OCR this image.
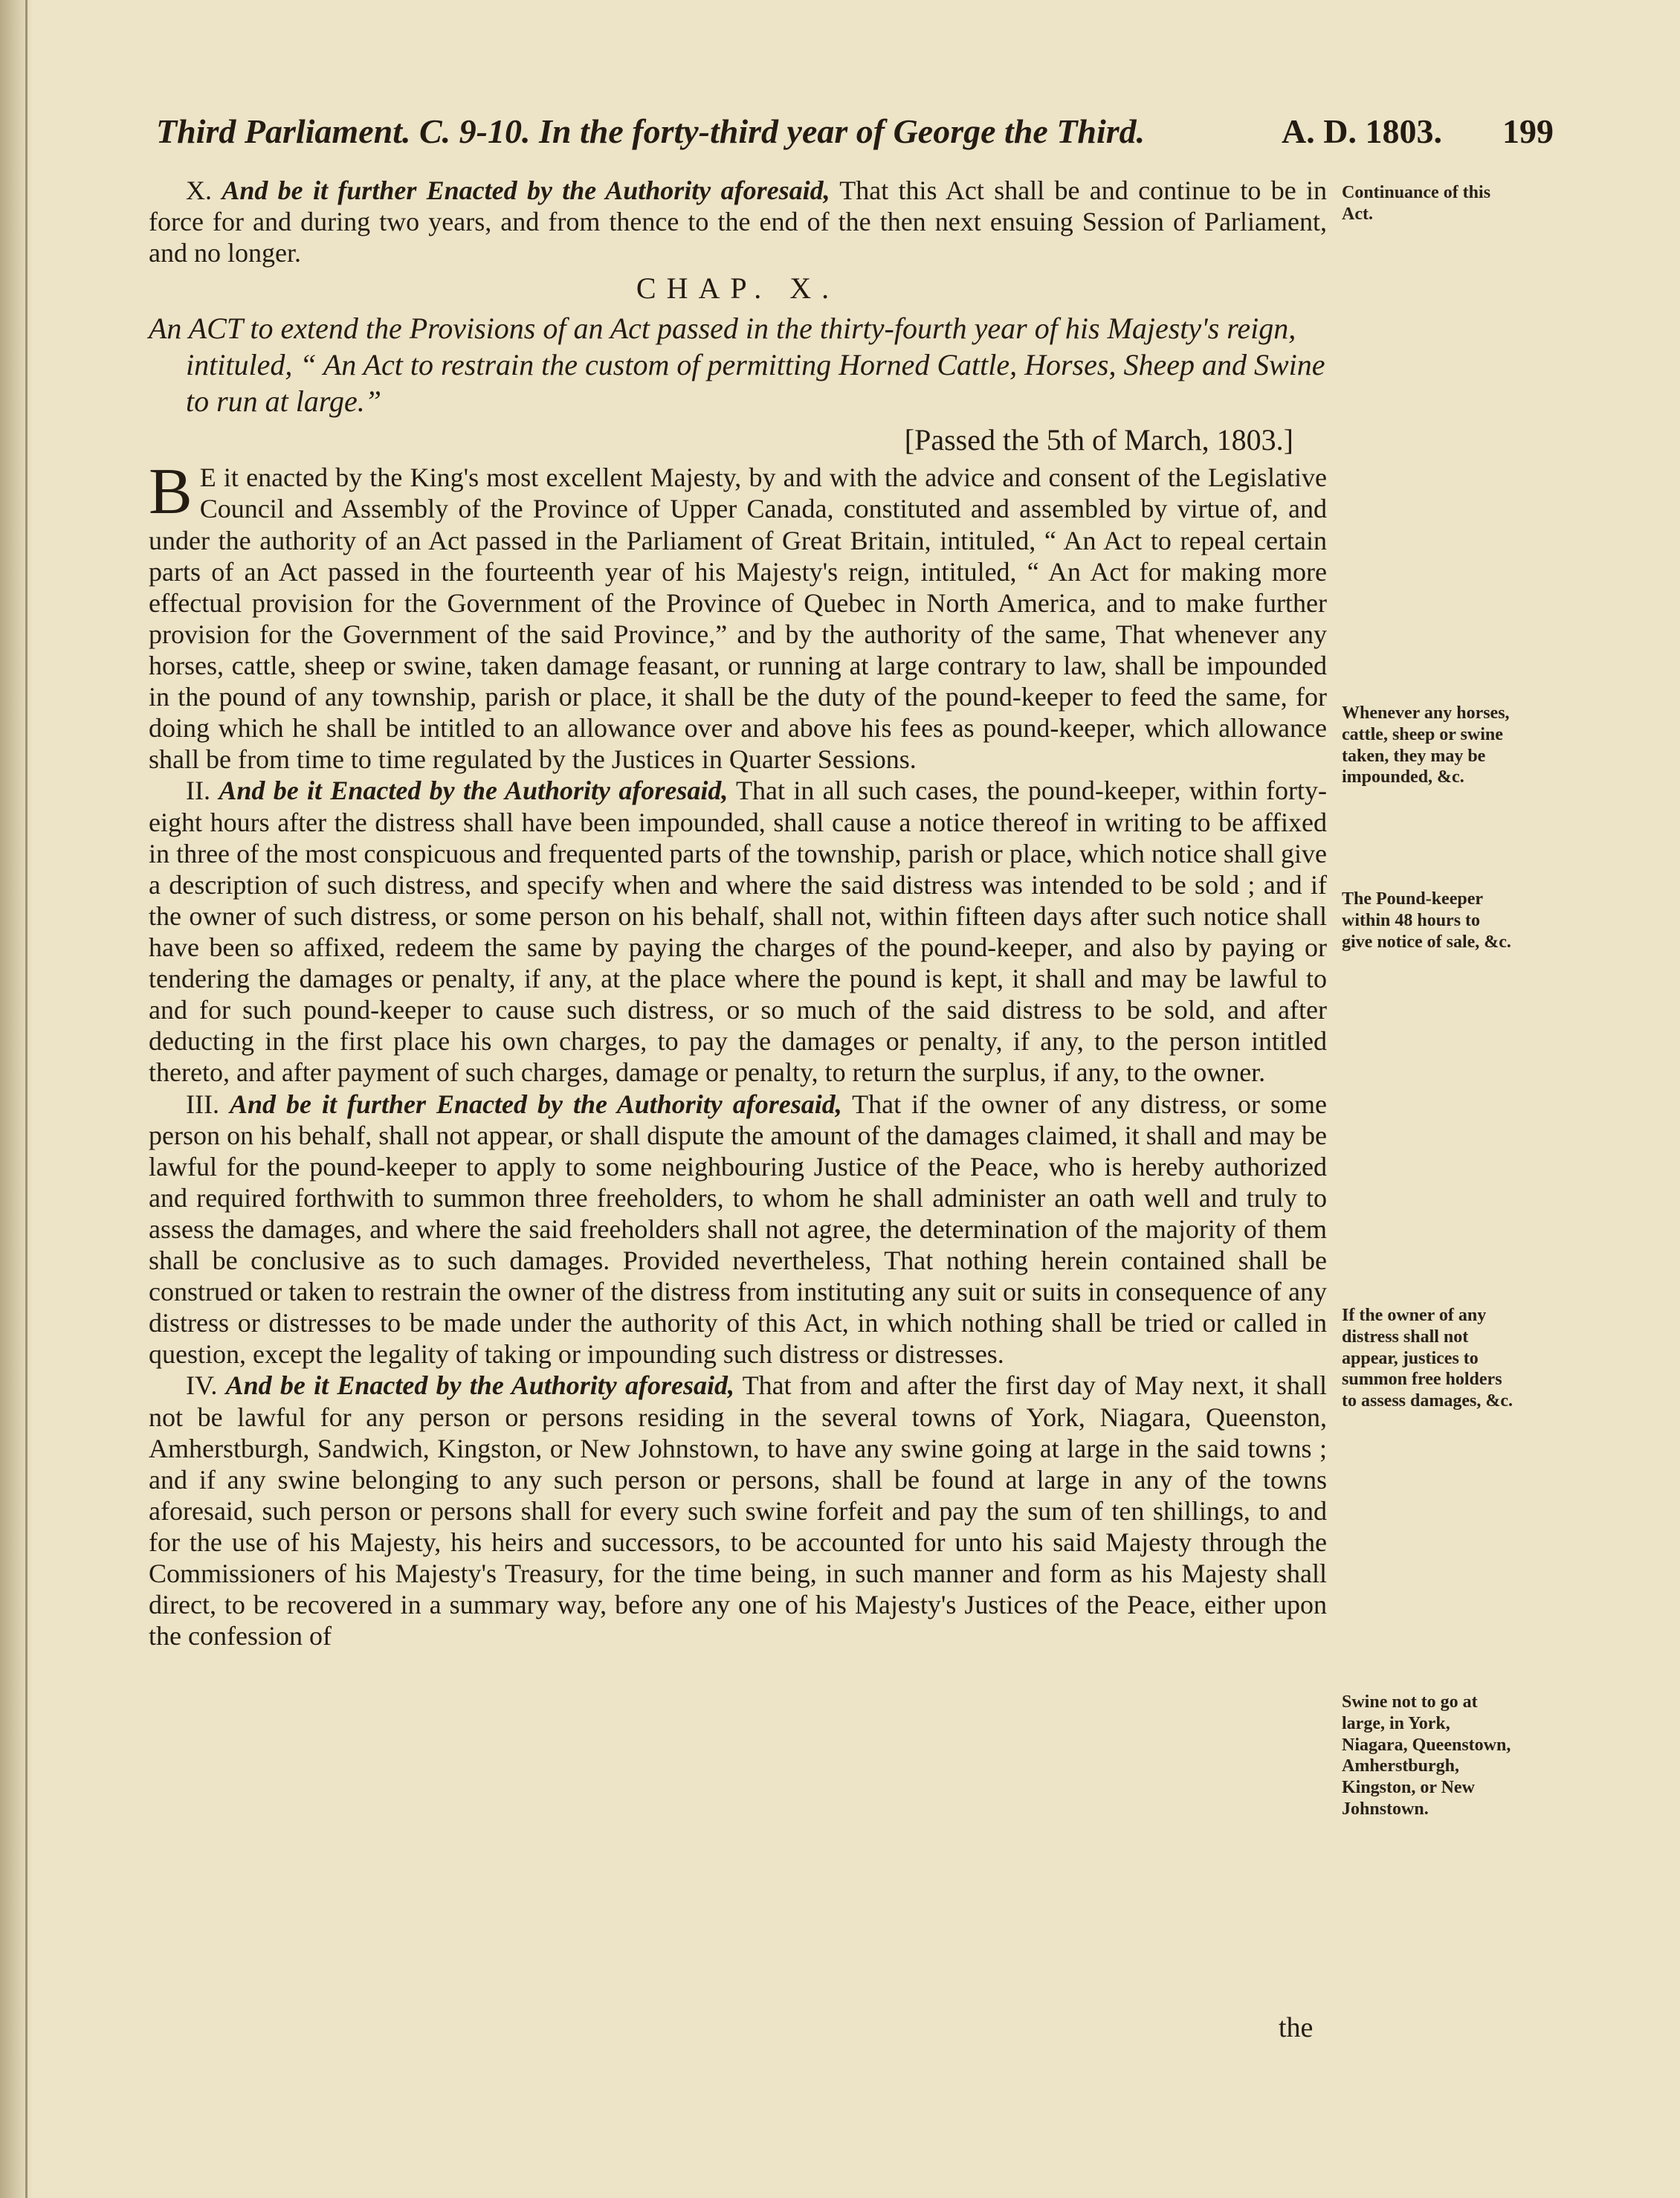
Third Parliament. C. 9-10. In the forty-third year of George the Third.	A. D. 1803. 199

X. And be it further Enacted by the Authority aforesaid, That this Act shall be and continue to be in force for and during two years, and from thence to the end of the then next ensuing Session of Parliament, and no longer.

CHAP. X.
An ACT to extend the Provisions of an Act passed in the thirty-fourth year of his Majesty's reign, intituled, “ An Act to restrain the custom of permitting Horned Cattle, Horses, Sheep and Swine to run at large.”
[Passed the 5th of March, 1803.]

B E it enacted by the King's most excellent Majesty, by and with the advice and consent of the Legislative Council and Assembly of the Province of Upper Canada, constituted and assembled by virtue of, and under the authority of an Act passed in the Parliament of Great Britain, intituled, “ An Act to repeal certain parts of an Act passed in the fourteenth year of his Majesty's reign, intituled, “ An Act for making more effectual provision for the Government of the Province of Quebec in North America, and to make further provision for the Government of the said Province,” and by the authority of the same, That whenever any horses, cattle, sheep or swine, taken damage feasant, or running at large contrary to law, shall be impounded in the pound of any township, parish or place, it shall be the duty of the pound-keeper to feed the same, for doing which he shall be intitled to an allowance over and above his fees as pound-keeper, which allowance shall be from time to time regulated by the Justices in Quarter Sessions.

II. And be it Enacted by the Authority aforesaid, That in all such cases, the pound-keeper, within forty-eight hours after the distress shall have been impounded, shall cause a notice thereof in writing to be affixed in three of the most conspicuous and frequented parts of the township, parish or place, which notice shall give a description of such distress, and specify when and where the said distress was intended to be sold ; and if the owner of such distress, or some person on his behalf, shall not, within fifteen days after such notice shall have been so affixed, redeem the same by paying the charges of the pound-keeper, and also by paying or tendering the damages or penalty, if any, at the place where the pound is kept, it shall and may be lawful to and for such pound-keeper to cause such distress, or so much of the said distress to be sold, and after deducting in the first place his own charges, to pay the damages or penalty, if any, to the person intitled thereto, and after payment of such charges, damage or penalty, to return the surplus, if any, to the owner.

III. And be it further Enacted by the Authority aforesaid, That if the owner of any distress, or some person on his behalf, shall not appear, or shall dispute the amount of the damages claimed, it shall and may be lawful for the pound-keeper to apply to some neighbouring Justice of the Peace, who is hereby authorized and required forthwith to summon three freeholders, to whom he shall administer an oath well and truly to assess the damages, and where the said freeholders shall not agree, the determination of the majority of them shall be conclusive as to such damages. Provided nevertheless, That nothing herein contained shall be construed or taken to restrain the owner of the distress from instituting any suit or suits in consequence of any distress or distresses to be made under the authority of this Act, in which nothing shall be tried or called in question, except the legality of taking or impounding such distress or distresses.

IV. And be it Enacted by the Authority aforesaid, That from and after the first day of May next, it shall not be lawful for any person or persons residing in the several towns of York, Niagara, Queenston, Amherstburgh, Sandwich, Kingston, or New Johnstown, to have any swine going at large in the said towns ; and if any swine belonging to any such person or persons, shall be found at large in any of the towns aforesaid, such person or persons shall for every such swine forfeit and pay the sum of ten shillings, to and for the use of his Majesty, his heirs and successors, to be accounted for unto his said Majesty through the Commissioners of his Majesty's Treasury, for the time being, in such manner and form as his Majesty shall direct, to be recovered in a summary way, before any one of his Majesty's Justices of the Peace, either upon the confession of

Continuance of this Act.
Whenever any horses, cattle, sheep or swine taken, they may be impounded, &c.
The Pound-keeper within 48 hours to give notice of sale, &c.
If the owner of any distress shall not appear, justices to summon free holders to assess damages, &c.
Swine not to go at large, in York, Niagara, Queenstown, Amherstburgh, Kingston, or New Johnstown.
the
